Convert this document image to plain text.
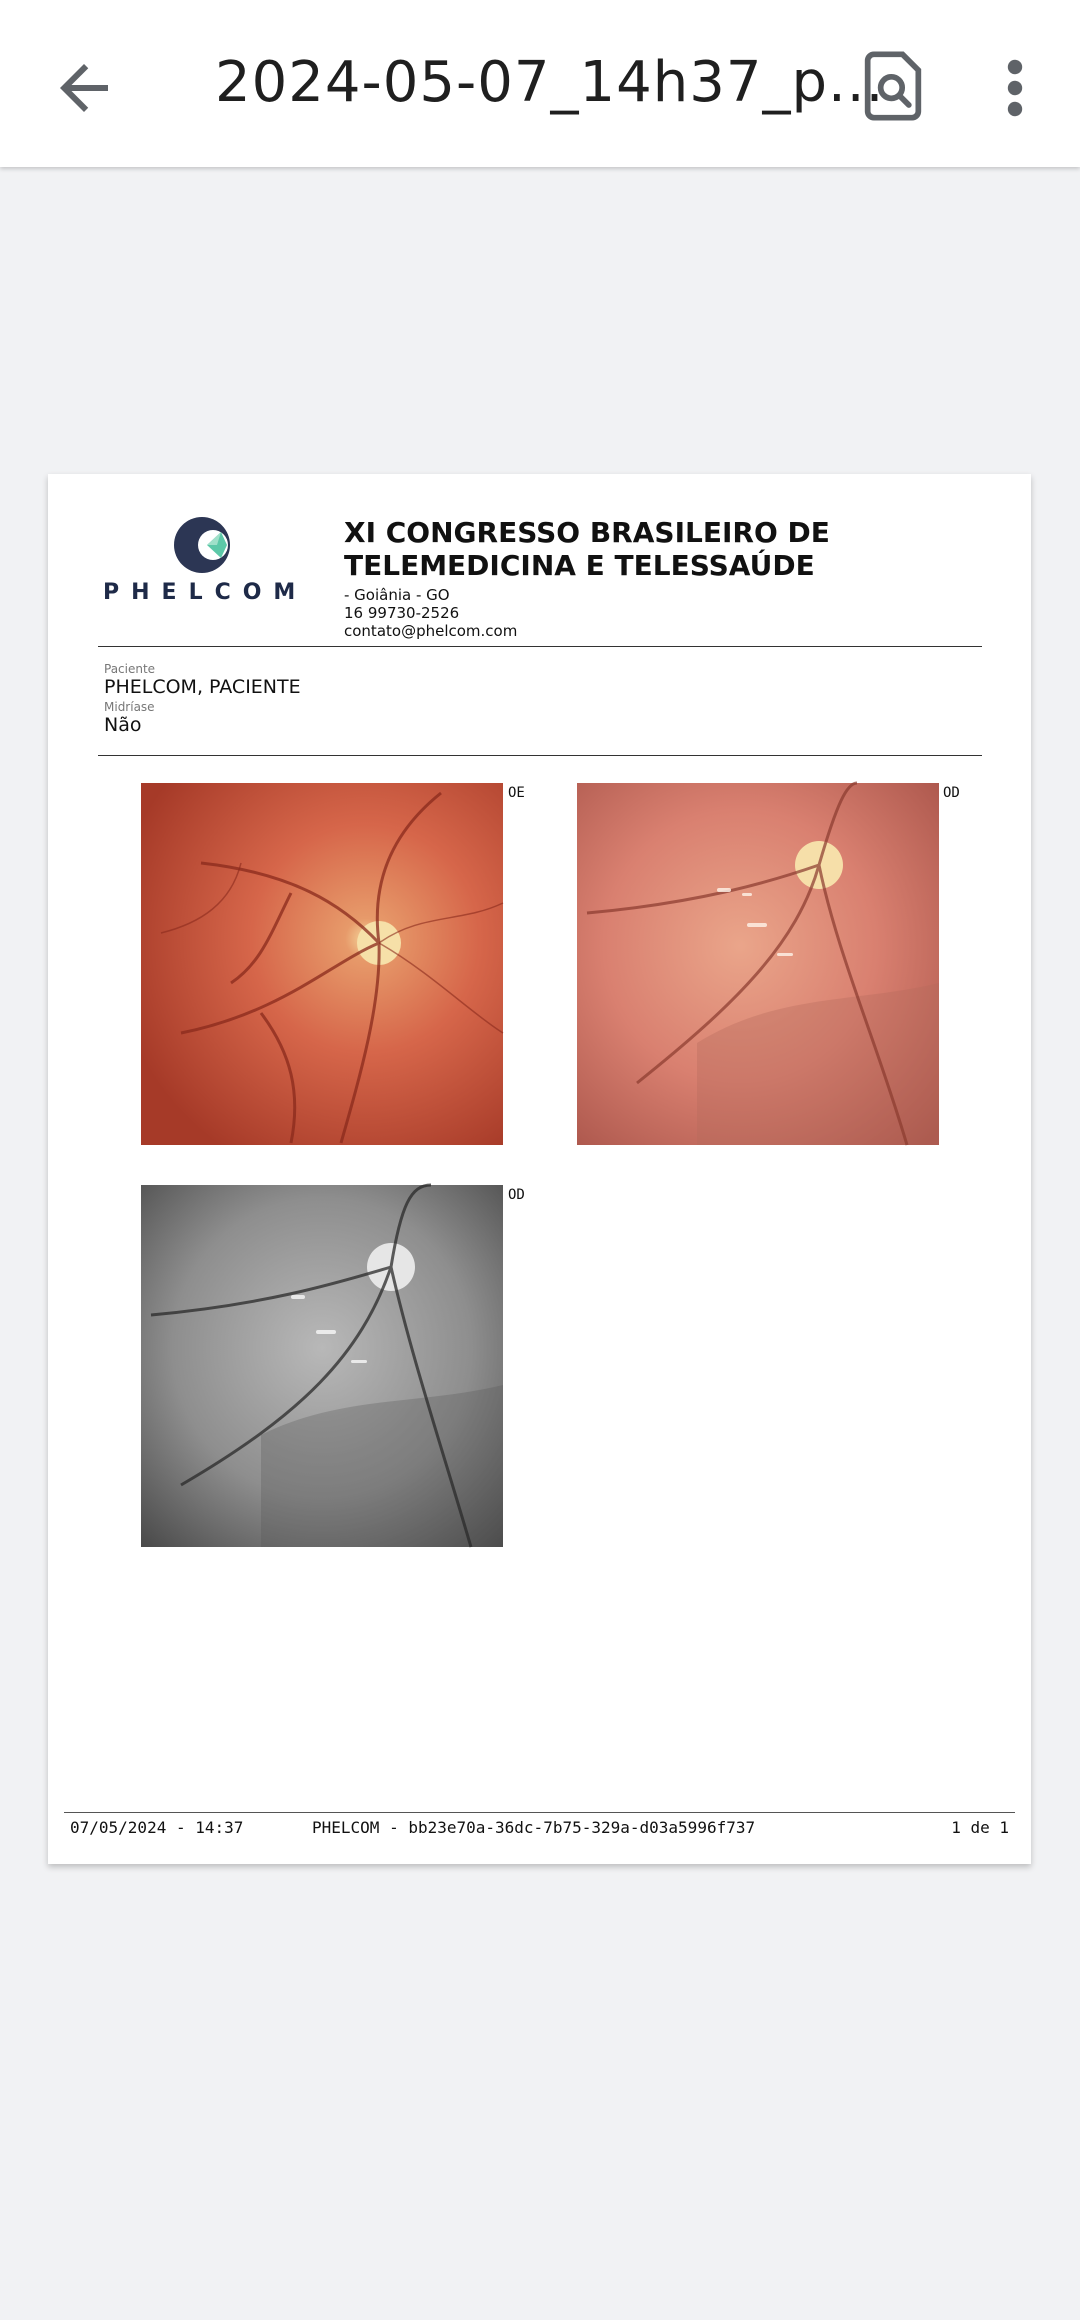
2024-05-07_14h37_p...
PHELCOM
XI CONGRESSO BRASILEIRO DE
TELEMEDICINA E TELESSAÚDE
- Goiânia - GO
16 99730-2526
contato@phelcom.com
Paciente
PHELCOM, PACIENTE
Midríase
Não
OE	OD
OD
07/05/2024 - 14:37	PHELCOM - bb23e70a-36dc-7b75-329a-d03a5996f737	1 de 1
